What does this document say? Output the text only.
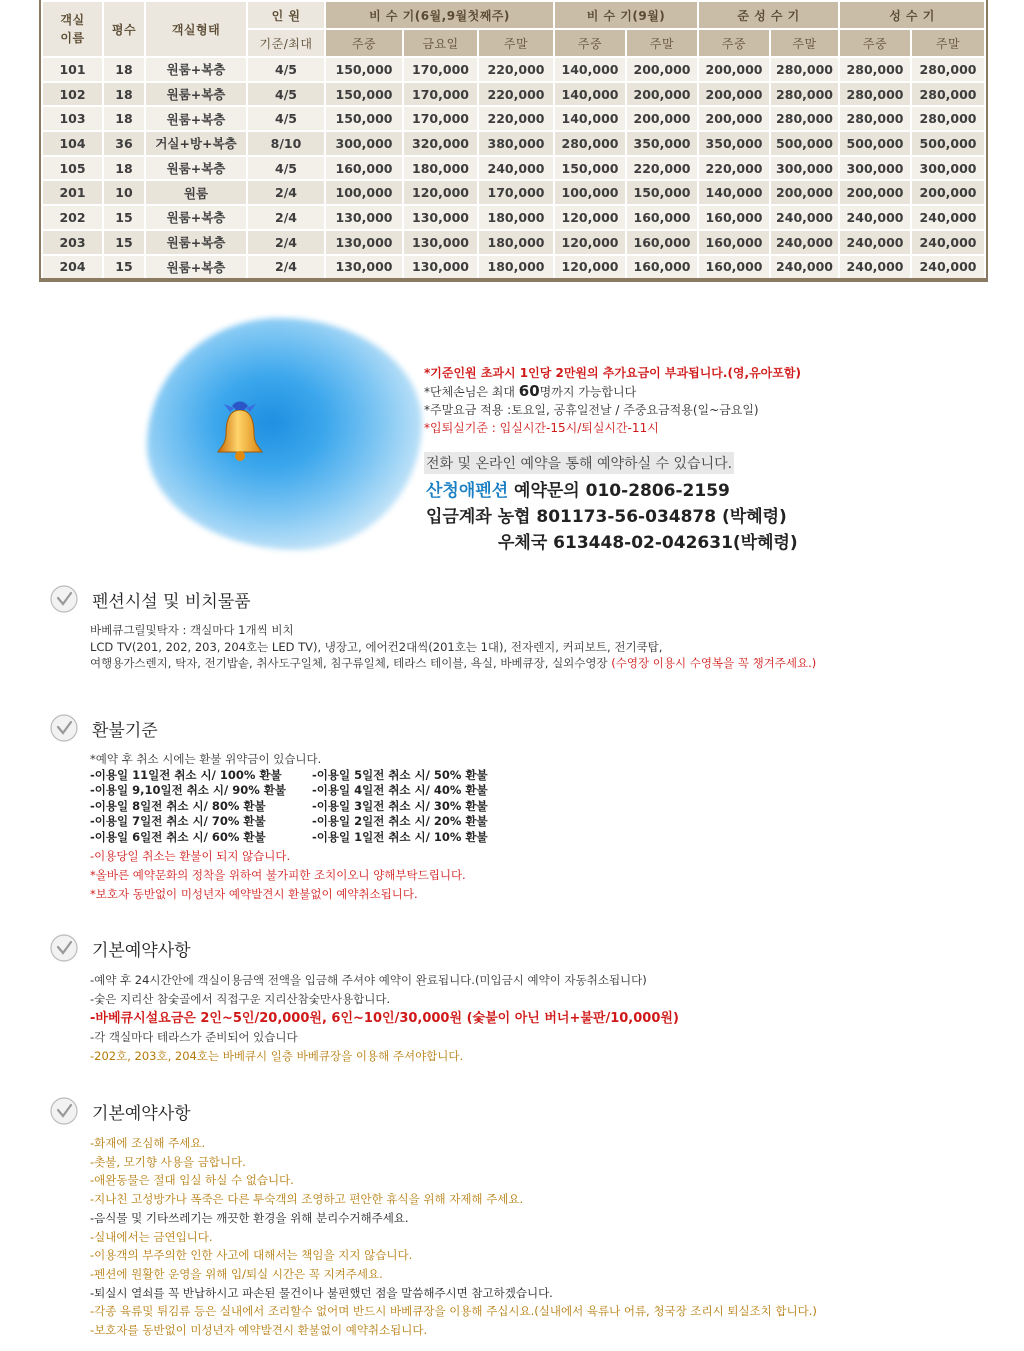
객실
이름	평수	객실형태	인 원	비 수 기(6월,9월첫째주)			비 수 기(9월)		준 성 수 기		성 수 기	
			기준/최대	주중	금요일	주말	주중	주말	주중	주말	주중	주말
101	18	원룸+복층	4/5	150,000	170,000	220,000	140,000	200,000	200,000	280,000	280,000	280,000
102	18	원룸+복층	4/5	150,000	170,000	220,000	140,000	200,000	200,000	280,000	280,000	280,000
103	18	원룸+복층	4/5	150,000	170,000	220,000	140,000	200,000	200,000	280,000	280,000	280,000
104	36	거실+방+복층	8/10	300,000	320,000	380,000	280,000	350,000	350,000	500,000	500,000	500,000
105	18	원룸+복층	4/5	160,000	180,000	240,000	150,000	220,000	220,000	300,000	300,000	300,000
201	10	원룸	2/4	100,000	120,000	170,000	100,000	150,000	140,000	200,000	200,000	200,000
202	15	원룸+복층	2/4	130,000	130,000	180,000	120,000	160,000	160,000	240,000	240,000	240,000
203	15	원룸+복층	2/4	130,000	130,000	180,000	120,000	160,000	160,000	240,000	240,000	240,000
204	15	원룸+복층	2/4	130,000	130,000	180,000	120,000	160,000	160,000	240,000	240,000	240,000

*기준인원 초과시 1인당 2만원의 추가요금이 부과됩니다.(영,유아포함)

*단체손님은 최대 60명까지 가능합니다

*주말요금 적용 :토요일, 공휴일전날 / 주중요금적용(일~금요일)

*입퇴실기준 : 입실시간-15시/퇴실시간-11시

전화 및 온라인 예약을 통해 예약하실 수 있습니다.

산청애펜션 예약문의 010-2806-2159

입금계좌 농협 801173-56-034878 (박혜령)

우체국 613448-02-042631(박혜령)

펜션시설 및 비치물품

바베큐그릴및탁자 : 객실마다 1개씩 비치

LCD TV(201, 202, 203, 204호는 LED TV), 냉장고, 에어컨2대씩(201호는 1대), 전자렌지, 커피보트, 전기쿡탑,

여행용가스렌지, 탁자, 전기밥솥, 취사도구일체, 침구류일체, 테라스 테이블, 욕실, 바베큐장, 실외수영장 (수영장 이용시 수영복을 꼭 챙겨주세요.)

환불기준

*예약 후 취소 시에는 환불 위약금이 있습니다.

-이용일 11일전 취소 시/ 100% 환불

-이용일 9,10일전 취소 시/ 90% 환불

-이용일 8일전 취소 시/ 80% 환불

-이용일 7일전 취소 시/ 70% 환불

-이용일 6일전 취소 시/ 60% 환불

-이용일 5일전 취소 시/ 50% 환불

-이용일 4일전 취소 시/ 40% 환불

-이용일 3일전 취소 시/ 30% 환불

-이용일 2일전 취소 시/ 20% 환불

-이용일 1일전 취소 시/ 10% 환불

-이용당일 취소는 환불이 되지 않습니다.

*올바른 예약문화의 정착을 위하여 불가피한 조치이오니 양해부탁드립니다.

*보호자 동반없이 미성년자 예약발견시 환불없이 예약취소됩니다.

기본예약사항

-예약 후 24시간안에 객실이용금액 전액을 입금해 주셔야 예약이 완료됩니다.(미입금시 예약이 자동취소됩니다)

-숯은 지리산 참숯골에서 직접구운 지리산참숯만사용합니다.

-바베큐시설요금은 2인~5인/20,000원, 6인~10인/30,000원 (숯불이 아닌 버너+불판/10,000원)

-각 객실마다 테라스가 준비되어 있습니다

-202호, 203호, 204호는 바베큐시 일층 바베큐장을 이용해 주셔야합니다.

기본예약사항

-화재에 조심해 주세요.

-촛불, 모기향 사용을 금합니다.

-애완동물은 절대 입실 하실 수 없습니다.

-지나친 고성방가나 폭죽은 다른 투숙객의 조영하고 편안한 휴식을 위해 자제해 주세요.

-음식물 및 기타쓰레기는 깨끗한 환경을 위해 분리수거해주세요.

-실내에서는 금연입니다.

-이용객의 부주의한 인한 사고에 대해서는 책임을 지지 않습니다.

-펜션에 원활한 운영을 위해 입/퇴실 시간은 꼭 지켜주세요.

-퇴실시 열쇠를 꼭 반납하시고 파손된 물건이나 불편했던 점을 말씀해주시면 참고하겠습니다.

-각종 육류및 튀김류 등은 실내에서 조리할수 없어며 반드시 바베큐장을 이용해 주십시요.(실내에서 육류나 어류, 청국장 조리시 퇴실조치 합니다.)

-보호자를 동반없이 미성년자 예약발견시 환불없이 예약취소됩니다.
